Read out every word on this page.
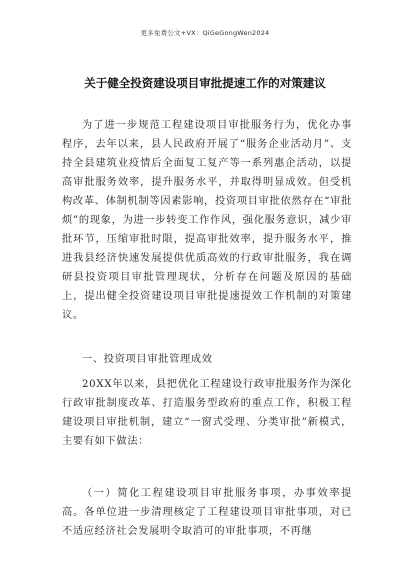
更多免费公文+VX：QiGeGongWen2024
关于健全投资建设项目审批提速工作的对策建议
为了进一步规范工程建设项目审批服务行为，优化办事程序，去年以来，县人民政府开展了“服务企业活动月”、支持全县建筑业疫情后全面复工复产等一系列惠企活动，以提高审批服务效率，提升服务水平，并取得明显成效。但受机构改革、体制机制等因素影响，投资项目审批依然存在“审批烦”的现象，为进一步转变工作作风，强化服务意识，减少审批环节，压缩审批时限，提高审批效率，提升服务水平，推进我县经济快速发展提供优质高效的行政审批服务，我在调研县投资项目审批管理现状，分析存在问题及原因的基础上，提出健全投资建设项目审批提速提效工作机制的对策建议。
一、投资项目审批管理成效
20XX年以来，县把优化工程建设行政审批服务作为深化行政审批制度改革、打造服务型政府的重点工作，积极工程建设项目审批机制，建立“一窗式受理、分类审批”新模式，主要有如下做法：
（一）简化工程建设项目审批服务事项，办事效率提高。各单位进一步清理核定了工程建设项目审批事项，对已不适应经济社会发展明令取消可的审批事项，不再继
